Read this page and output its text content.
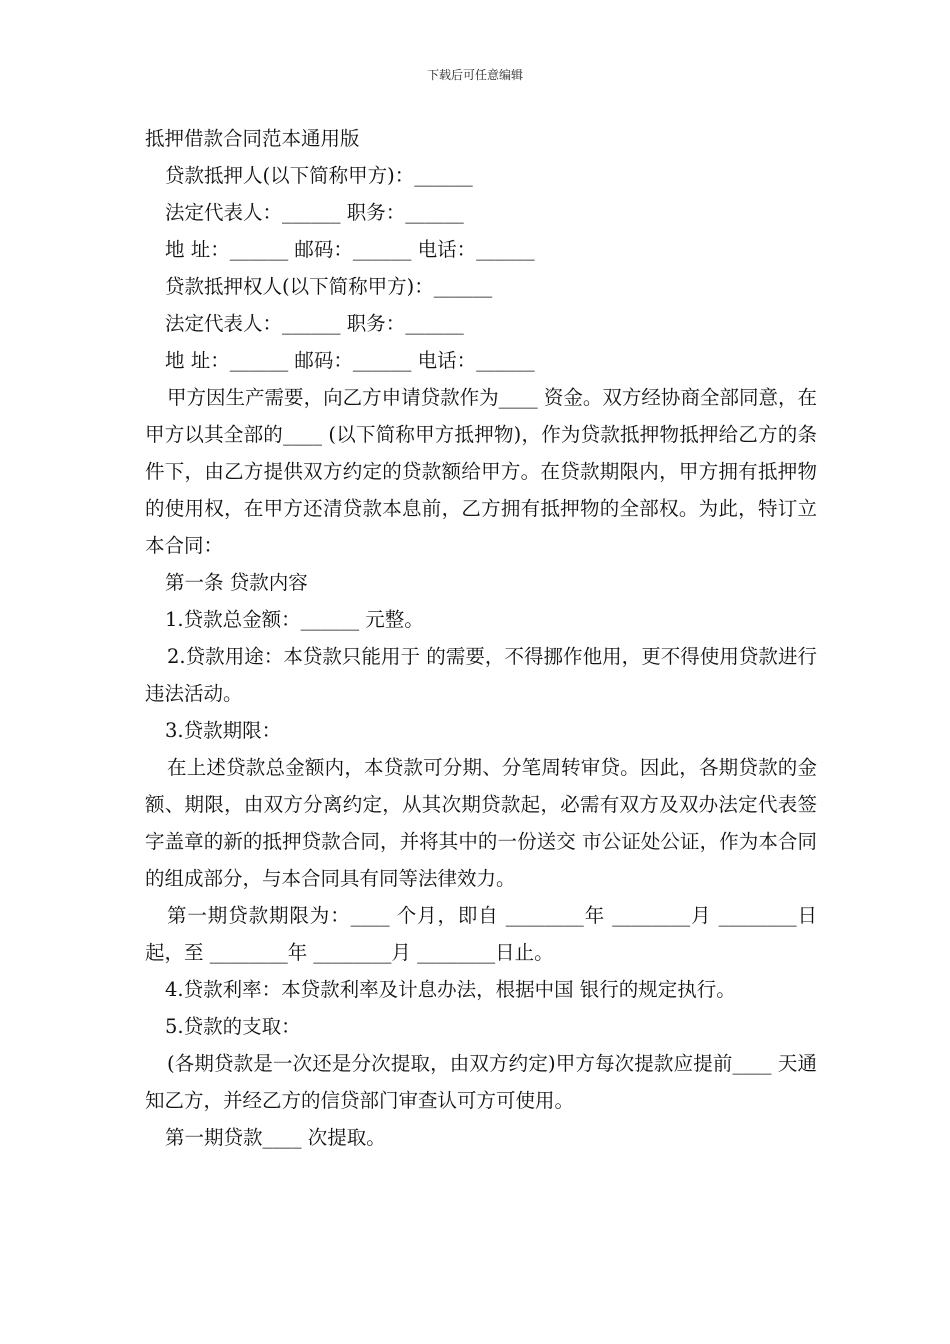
下载后可任意编辑
抵押借款合同范本通用版

贷款抵押人(以下简称甲方)：______

法定代表人：______ 职务：______

地 址：______ 邮码：______ 电话：______

贷款抵押权人(以下简称甲方)：______

法定代表人：______ 职务：______

地 址：______ 邮码：______ 电话：______

甲方因生产需要，向乙方申请贷款作为____ 资金。双方经协商全部同意，在甲方以其全部的____ (以下简称甲方抵押物)，作为贷款抵押物抵押给乙方的条件下，由乙方提供双方约定的贷款额给甲方。在贷款期限内，甲方拥有抵押物的使用权，在甲方还清贷款本息前，乙方拥有抵押物的全部权。为此，特订立本合同：

第一条 贷款内容

1.贷款总金额：______ 元整。

2.贷款用途：本贷款只能用于 的需要，不得挪作他用，更不得使用贷款进行违法活动。

3.贷款期限：

在上述贷款总金额内，本贷款可分期、分笔周转审贷。因此，各期贷款的金额、期限，由双方分离约定，从其次期贷款起，必需有双方及双办法定代表签字盖章的新的抵押贷款合同，并将其中的一份送交 市公证处公证，作为本合同的组成部分，与本合同具有同等法律效力。

第一期贷款期限为：____ 个月，即自 ________年 ________月 ________日起，至 ________年 ________月 ________日止。

4.贷款利率：本贷款利率及计息办法，根据中国 银行的规定执行。

5.贷款的支取：

(各期贷款是一次还是分次提取，由双方约定)甲方每次提款应提前____ 天通知乙方，并经乙方的信贷部门审查认可方可使用。

第一期贷款____ 次提取。
